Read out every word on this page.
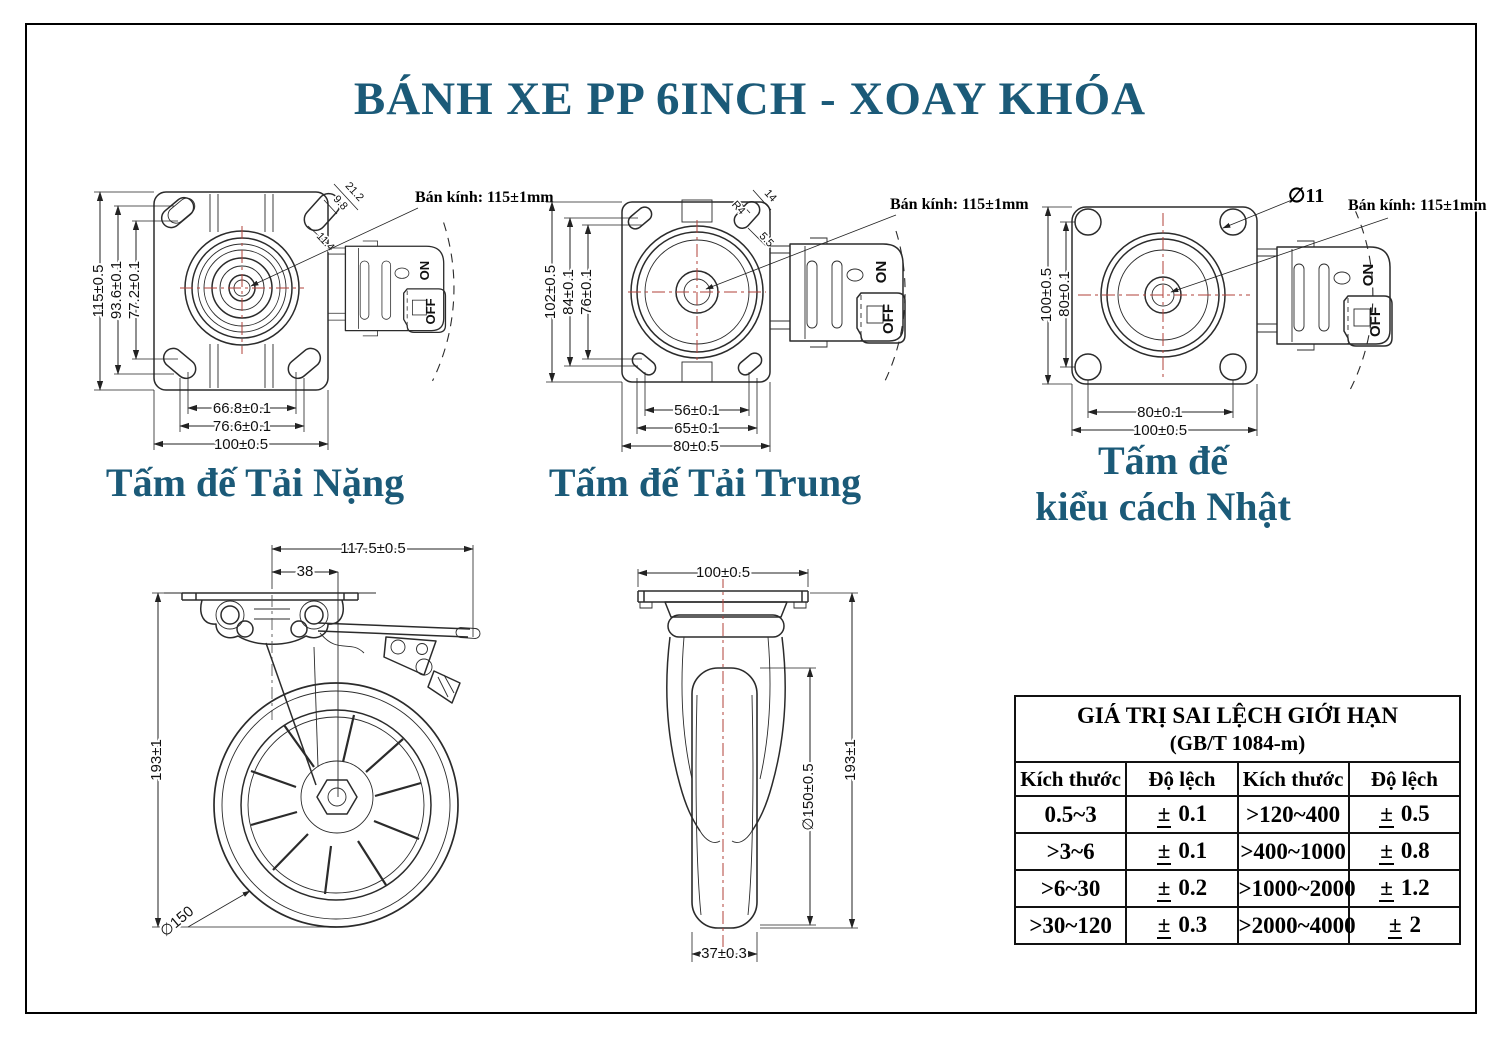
BÁNH XE PP 6INCH - XOAY KHÓA
ON
OFF
21.2
9.8
11.4
Bán kính: 115±1mm
115±0.5 93.6±0.1 77.2±0.1
66.8±0.1
76.6±0.1
100±0.5
14
R4
5.5
Bán kính: 115±1mm
102±0.5 84±0.1 76±0.1
56±0.1
65±0.1
80±0.5
∅11 Bán kính: 115±1mm
100±0.5 80±0.1
80±0.1
100±0.5
Tấm đế Tải Nặng	Tấm đế Tải Trung	Tấm đế
kiểu cách Nhật
117.5±0.5
38
193±1
∅150
100±0.5
∅150±0.5
193±1
37±0.3
GIÁ TRỊ SAI LỆCH GIỚI HẠN
(GB/T 1084-m)			

Kích thước	Độ lệch	Kích thước	Độ lệch
0.5~3	± 0.1	>120~400	± 0.5
>3~6	± 0.1	>400~1000	± 0.8
>6~30	± 0.2	>1000~2000	± 1.2
>30~120	± 0.3	>2000~4000	± 2
